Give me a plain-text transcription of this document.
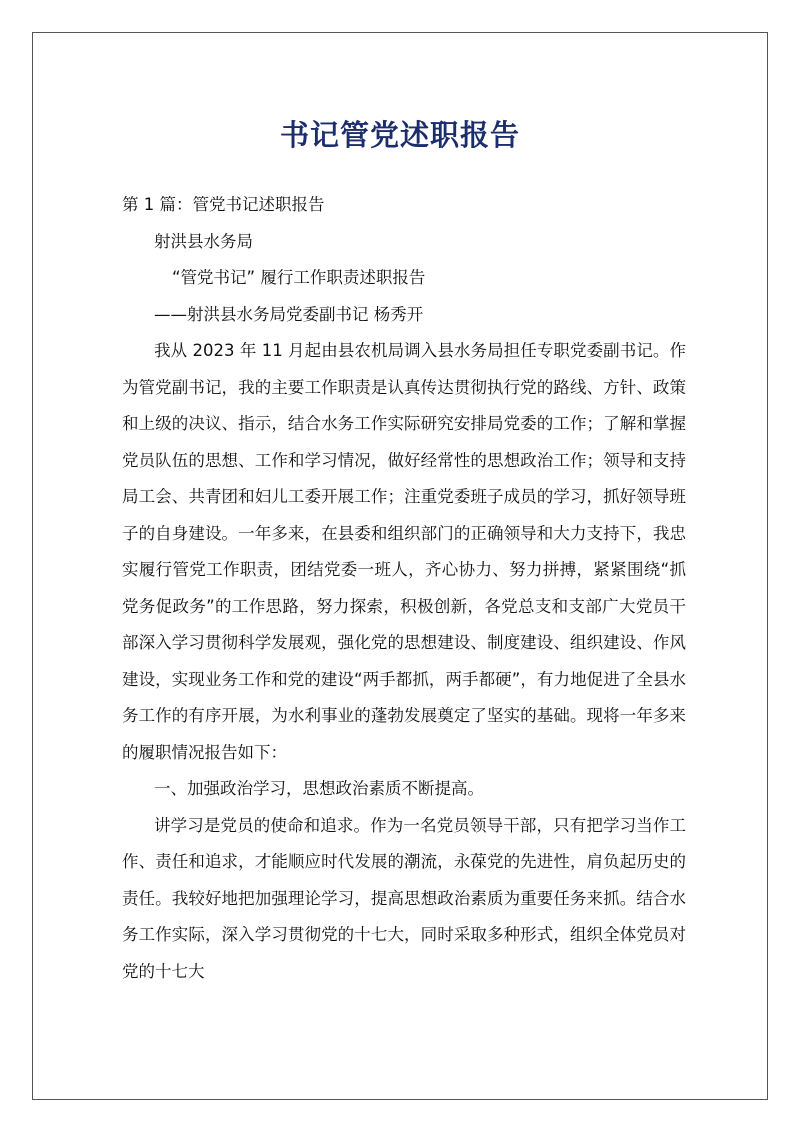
书记管党述职报告

第 1 篇：管党书记述职报告

射洪县水务局

“管党书记” 履行工作职责述职报告

——射洪县水务局党委副书记 杨秀开

我从 2023 年 11 月起由县农机局调入县水务局担任专职党委副书记。作为管党副书记，我的主要工作职责是认真传达贯彻执行党的路线、方针、政策和上级的决议、指示，结合水务工作实际研究安排局党委的工作；了解和掌握党员队伍的思想、工作和学习情况，做好经常性的思想政治工作；领导和支持局工会、共青团和妇儿工委开展工作；注重党委班子成员的学习，抓好领导班子的自身建设。一年多来，在县委和组织部门的正确领导和大力支持下，我忠实履行管党工作职责，团结党委一班人，齐心协力、努力拼搏，紧紧围绕“抓党务促政务”的工作思路，努力探索，积极创新，各党总支和支部广大党员干部深入学习贯彻科学发展观，强化党的思想建设、制度建设、组织建设、作风建设，实现业务工作和党的建设“两手都抓，两手都硬”，有力地促进了全县水务工作的有序开展，为水利事业的蓬勃发展奠定了坚实的基础。现将一年多来的履职情况报告如下：

一、加强政治学习，思想政治素质不断提高。

讲学习是党员的使命和追求。作为一名党员领导干部，只有把学习当作工作、责任和追求，才能顺应时代发展的潮流，永葆党的先进性，肩负起历史的责任。我较好地把加强理论学习，提高思想政治素质为重要任务来抓。结合水务工作实际，深入学习贯彻党的十七大，同时采取多种形式，组织全体党员对党的十七大
